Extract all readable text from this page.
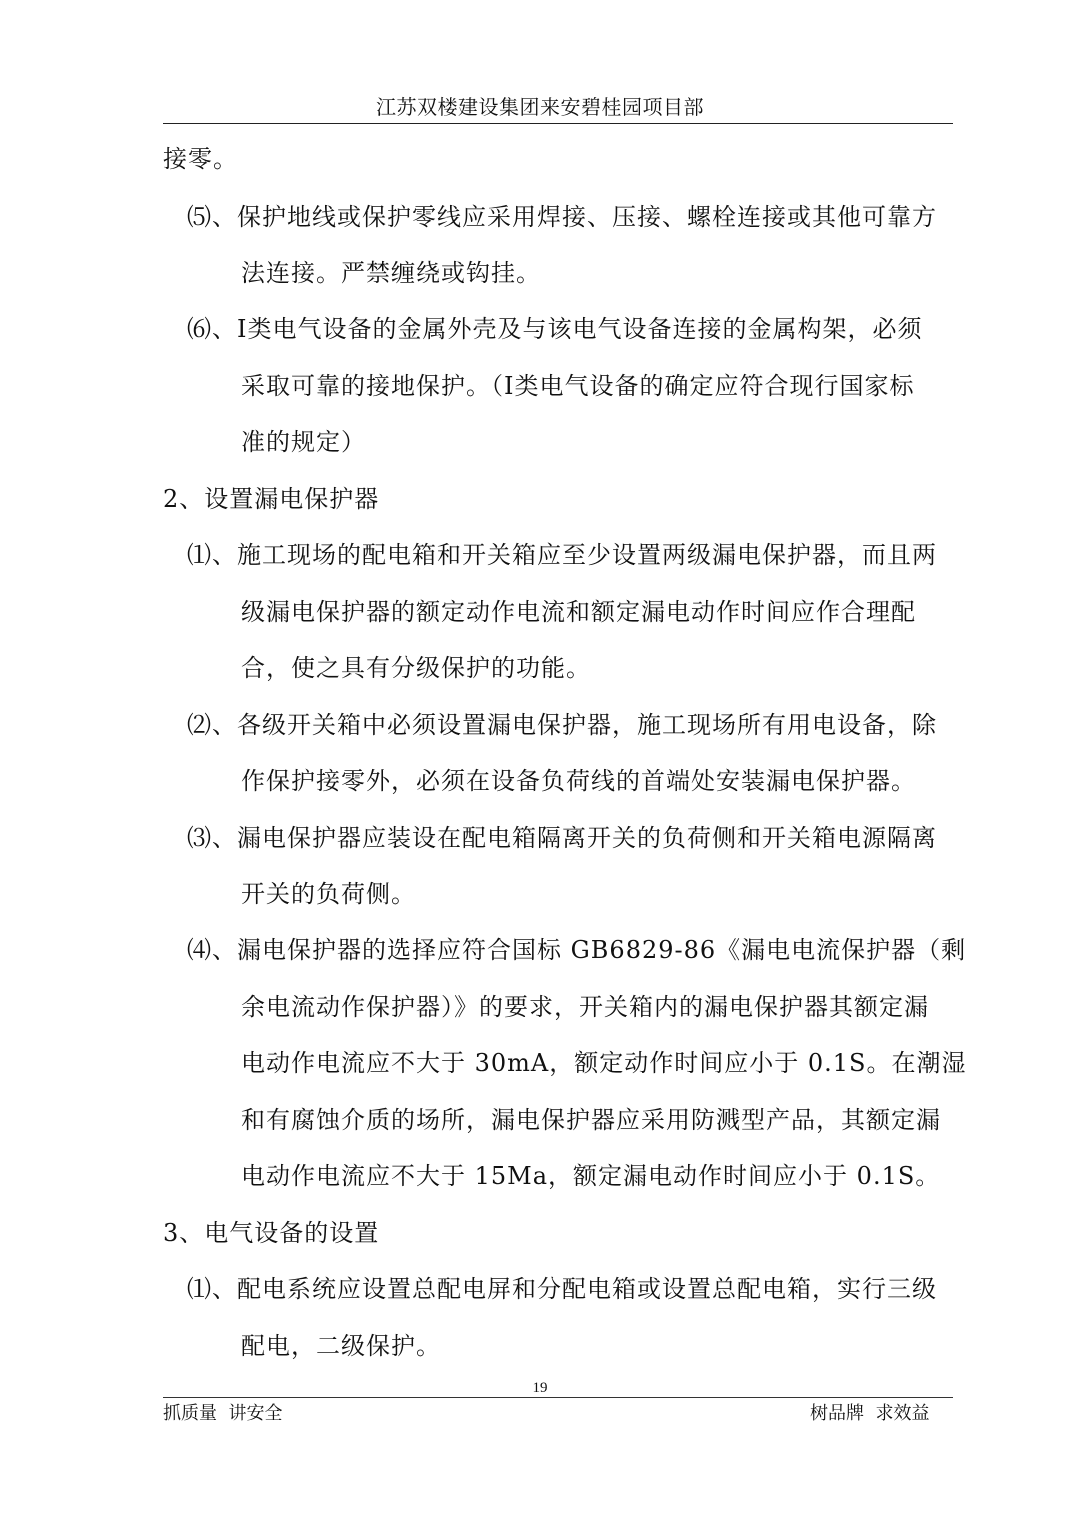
江苏双楼建设集团来安碧桂园项目部
接零。
⑸、保护地线或保护零线应采用焊接、压接、螺栓连接或其他可靠方
法连接。严禁缠绕或钩挂。
⑹、Ⅰ类电气设备的金属外壳及与该电气设备连接的金属构架，必须
采取可靠的接地保护。（Ⅰ类电气设备的确定应符合现行国家标
准的规定）
2、设置漏电保护器
⑴、施工现场的配电箱和开关箱应至少设置两级漏电保护器，而且两
级漏电保护器的额定动作电流和额定漏电动作时间应作合理配
合，使之具有分级保护的功能。
⑵、各级开关箱中必须设置漏电保护器，施工现场所有用电设备，除
作保护接零外，必须在设备负荷线的首端处安装漏电保护器。
⑶、漏电保护器应装设在配电箱隔离开关的负荷侧和开关箱电源隔离
开关的负荷侧。
⑷、漏电保护器的选择应符合国标 GB6829-86《漏电电流保护器（剩
余电流动作保护器）》的要求，开关箱内的漏电保护器其额定漏
电动作电流应不大于 30mA，额定动作时间应小于 0.1S。在潮湿
和有腐蚀介质的场所，漏电保护器应采用防溅型产品，其额定漏
电动作电流应不大于 15Ma，额定漏电动作时间应小于 0.1S。
3、电气设备的设置
⑴、配电系统应设置总配电屏和分配电箱或设置总配电箱，实行三级
配电，二级保护。
19
抓质量  讲安全	树品牌  求效益
